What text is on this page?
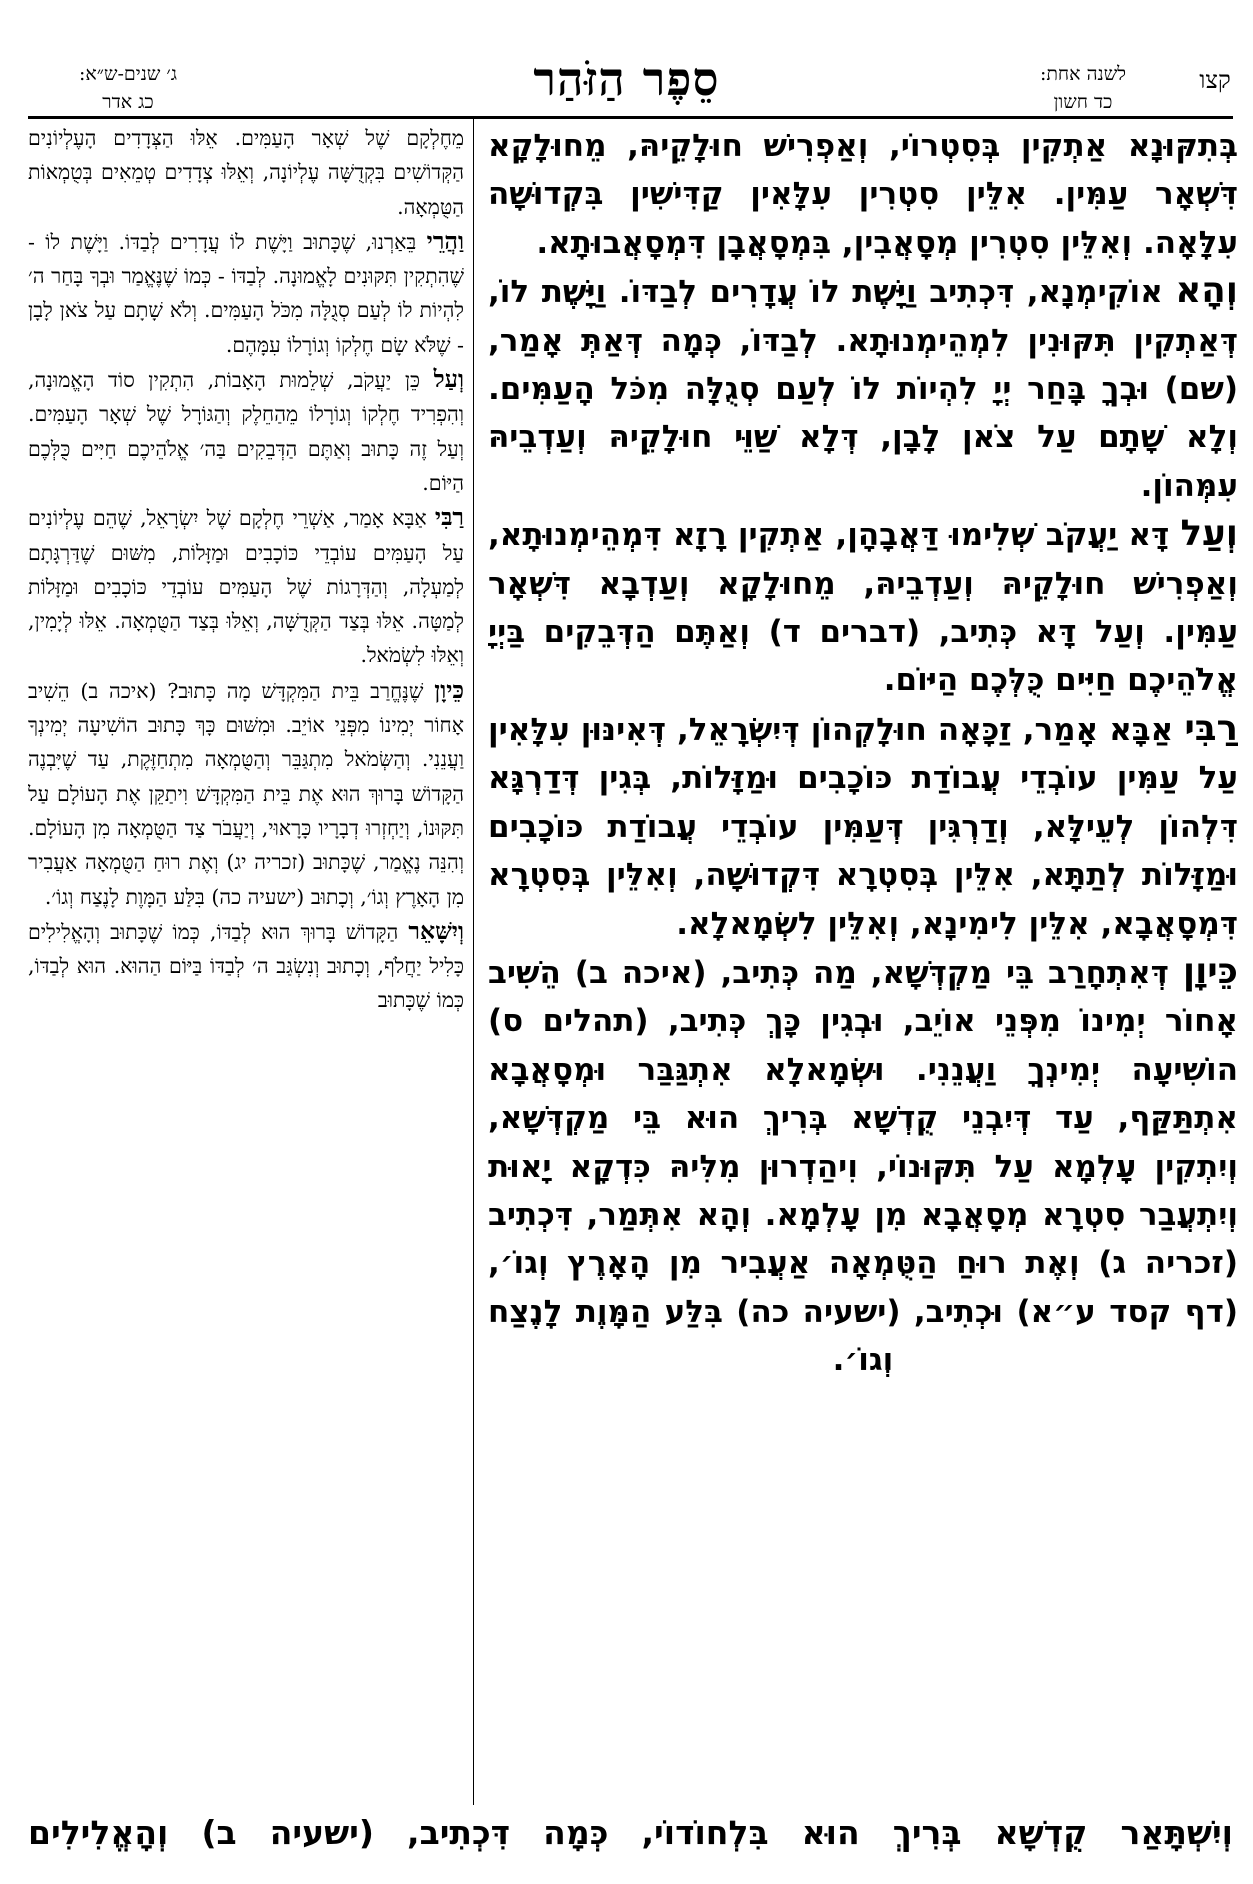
קצו
לשנה אחת:
כד חשון
סֵפֶר הַזֹּהַר
ג׳ שנים-ש״א:
כג אדר

בְּתִקּוּנָא אַתְקִין בְּסִטְרוֹי, וְאַפְרִישׁ חוּלָקֵיהּ, מֵחוּלָקָא דִּשְׁאָר עַמִּין. אִלֵּין סִטְרִין עִלָּאִין קַדִּישִׁין בִּקְדוּשָׁה עִלָּאָה. וְאִלֵּין סִטְרִין מְסָאֲבִין, בִּמְסָאֲבָן דִּמְסָאֲבוּתָא.

וְהָא אוֹקִימְנָא, דִּכְתִיב וַיָּשֶׁת לוֹ עֲדָרִים לְבַדּוֹ. וַיָּשֶׁת לוֹ, דְּאַתְקִין תִּקּוּנִין לִמְהֵימְנוּתָא. לְבַדּוֹ, כְּמָה דְּאַתְּ אָמַר, (שם) וּבְךָ בָּחַר יְיָ לִהְיוֹת לוֹ לְעַם סְגֻלָּה מִכֹּל הָעַמִּים. וְלָא שָׁתָם עַל צֹאן לָבָן, דְּלָא שַׁוֵּי חוּלָקֵיהּ וְעַדְבֵיהּ עִמְּהוֹן.

וְעַל דָּא יַעֲקֹב שְׁלִימוּ דַּאֲבָהָן, אַתְקִין רָזָא דִּמְהֵימְנוּתָא, וְאַפְרִישׁ חוּלָקֵיהּ וְעַדְבֵיהּ, מֵחוּלָקָא וְעַדְבָא דִּשְׁאָר עַמִּין. וְעַל דָּא כְּתִיב, (דברים ד) וְאַתֶּם הַדְּבֵקִים בַּיְיָ אֱלֹהֵיכֶם חַיִּים כֻּלְּכֶם הַיּוֹם.

רַבִּי אַבָּא אָמַר, זַכָּאָה חוּלָקְהוֹן דְּיִשְׂרָאֵל, דְּאִינּוּן עִלָּאִין עַל עַמִּין עוֹבְדֵי עֲבוֹדַת כּוֹכָבִים וּמַזָּלוֹת, בְּגִין דְּדַרְגָּא דִּלְהוֹן לְעֵילָּא, וְדַרְגִּין דְּעַמִּין עוֹבְדֵי עֲבוֹדַת כּוֹכָבִים וּמַזָּלוֹת לְתַתָּא, אִלֵּין בְּסִטְרָא דִּקְדוּשָׁה, וְאִלֵּין בְּסִטְרָא דִּמְסָאֲבָא, אִלֵּין לִימִינָא, וְאִלֵּין לִשְׂמָאלָא.

כֵּיוָן דְּאִתְחָרַב בֵּי מַקְדְּשָׁא, מַה כְּתִיב, (איכה ב) הֵשִׁיב אָחוֹר יְמִינוֹ מִפְּנֵי אוֹיֵב, וּבְגִין כָּךְ כְּתִיב, (תהלים ס) הוֹשִׁיעָה יְמִינְךָ וַעֲנֵנִי. וּשְׂמָאלָא אִתְגַּבַּר וּמְסָאֲבָא אִתְתַּקַּף, עַד דְּיִבְנֵי קֻדְשָׁא בְּרִיךְ הוּא בֵּי מַקְדְּשָׁא, וְיִתְקִין עָלְמָא עַל תִּקּוּנוֹי, וִיהַדְרוּן מִלִּיהּ כִּדְקָא יָאוּת וְיִתְעֲבַר סִטְרָא מְסָאֲבָא מִן עָלְמָא. וְהָא אִתְּמַר, דִּכְתִיב (זכריה ג) וְאֶת רוּחַ הַטֻּמְאָה אַעֲבִיר מִן הָאָרֶץ וְגוֹ׳, (דף קסד ע״א) וּכְתִיב, (ישעיה כה) בִּלַּע הַמָּוֶת לָנֶצַח וְגוֹ׳.

מֵחֶלְקָם שֶׁל שְׁאָר הָעַמִּים. אֵלּוּ הַצְּדָדִים הָעֶלְיוֹנִים הַקְּדוֹשִׁים בִּקְדֻשָּׁה עֶלְיוֹנָה, וְאֵלּוּ צְדָדִים טְמֵאִים בְּטֻמְאוֹת הַטֻּמְאָה.

וַהֲרֵי בֵּאַרְנוּ, שֶׁכָּתוּב וַיָּשֶׁת לוֹ עֲדָרִים לְבַדּוֹ. וַיָּשֶׁת לוֹ - שֶׁהִתְקִין תִּקּוּנִים לָאֱמוּנָה. לְבַדּוֹ - כְּמוֹ שֶׁנֶּאֱמַר וּבְךָ בָּחַר ה׳ לִהְיוֹת לוֹ לְעַם סְגֻלָּה מִכֹּל הָעַמִּים. וְלֹא שָׁתָם עַל צֹאן לָבָן - שֶׁלֹּא שָׂם חֶלְקוֹ וְגוֹרָלוֹ עִמָּהֶם.

וְעַל כֵּן יַעֲקֹב, שְׁלֵמוּת הָאָבוֹת, הִתְקִין סוֹד הָאֱמוּנָה, וְהִפְרִיד חֶלְקוֹ וְגוֹרָלוֹ מֵהַחֵלֶק וְהַגּוֹרָל שֶׁל שְׁאָר הָעַמִּים. וְעַל זֶה כָּתוּב וְאַתֶּם הַדְּבֵקִים בַּה׳ אֱלֹהֵיכֶם חַיִּים כֻּלְּכֶם הַיּוֹם.

רַבִּי אַבָּא אָמַר, אַשְׁרֵי חֶלְקָם שֶׁל יִשְׂרָאֵל, שֶׁהֵם עֶלְיוֹנִים עַל הָעַמִּים עוֹבְדֵי כּוֹכָבִים וּמַזָּלוֹת, מִשּׁוּם שֶׁדַּרְגָּתָם לְמַעְלָה, וְהַדְּרָגוֹת שֶׁל הָעַמִּים עוֹבְדֵי כּוֹכָבִים וּמַזָּלוֹת לְמַטָּה. אֵלּוּ בְּצַד הַקְּדֻשָּׁה, וְאֵלּוּ בְּצַד הַטֻּמְאָה. אֵלּוּ לְיָמִין, וְאֵלּוּ לִשְׂמֹאל.

כֵּיוָן שֶׁנֶּחֱרַב בֵּית הַמִּקְדָּשׁ מָה כָּתוּב? (איכה ב) הֵשִׁיב אָחוֹר יְמִינוֹ מִפְּנֵי אוֹיֵב. וּמִשּׁוּם כָּךְ כָּתוּב הוֹשִׁיעָה יְמִינְךָ וַעֲנֵנִי. וְהַשְּׂמֹאל מִתְגַּבֵּר וְהַטֻּמְאָה מִתְחַזֶּקֶת, עַד שֶׁיִּבְנֶה הַקָּדוֹשׁ בָּרוּךְ הוּא אֶת בֵּית הַמִּקְדָּשׁ וִיתַקֵּן אֶת הָעוֹלָם עַל תִּקּוּנוֹ, וְיַחְזְרוּ דְבָרָיו כָּרָאוּי, וְיַעֲבֹר צַד הַטֻּמְאָה מִן הָעוֹלָם. וְהִנֵּה נֶאֱמַר, שֶׁכָּתוּב (זכריה יג) וְאֶת רוּחַ הַטֻּמְאָה אַעֲבִיר מִן הָאָרֶץ וְגוֹ׳, וְכָתוּב (ישעיה כה) בִּלַּע הַמָּוֶת לָנֶצַח וְגוֹ׳.

וְיִשָּׁאֵר הַקָּדוֹשׁ בָּרוּךְ הוּא לְבַדּוֹ, כְּמוֹ שֶׁכָּתוּב וְהָאֱלִילִים כָּלִיל יַחֲלֹף, וְכָתוּב וְנִשְׂגַּב ה׳ לְבַדּוֹ בַּיּוֹם הַהוּא. הוּא לְבַדּוֹ, כְּמוֹ שֶׁכָּתוּב

וְיִשְׁתָּאַר קֻדְשָׁא בְּרִיךְ הוּא בִּלְחוֹדוֹי, כְּמָה דִּכְתִיב, (ישעיה ב) וְהָאֱלִילִים
